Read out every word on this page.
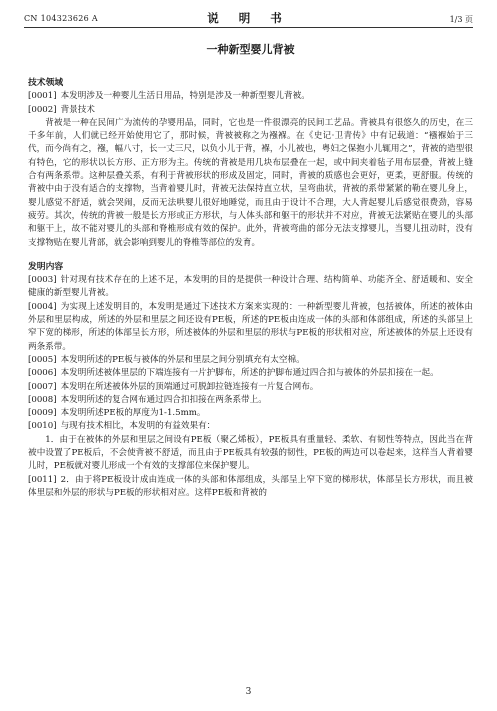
CN 104323626 A	说 明 书	1/3 页
一种新型婴儿背被
技术领域

[0001] 本发明涉及一种婴儿生活日用品，特别是涉及一种新型婴儿背被。

[0002] 背景技术

背被是一种在民间广为流传的孕婴用品，同时，它也是一件很漂亮的民间工艺品。背被具有很悠久的历史，在三千多年前，人们就已经开始使用它了，那时候，背被被称之为襁褓。在《史记·卫青传》中有记载道：“襁褓始于三代，而今尚有之，襁，幅八寸，长一丈三尺，以负小儿于背，褓，小儿被也，粤妇之保抱小儿辄用之”，背被的造型很有特色，它的形状以长方形、正方形为主。传统的背被是用几块布层叠在一起，或中间夹着毡子用布层叠，背被上缝合有两条系带。这种层叠关系，有利于背被形状的形成及固定，同时，背被的质感也会更好，更柔，更舒服。传统的背被中由于没有适合的支撑物，当背着婴儿时，背被无法保持直立状，呈弯曲状，背被的系带紧紧的勒在婴儿身上，婴儿感觉不舒适，就会哭闹，反而无法哄婴儿很好地睡觉，而且由于设计不合理，大人背起婴儿后感觉很费劲，容易疲劳。其次，传统的背被一般是长方形或正方形状，与人体头部和躯干的形状并不对应，背被无法紧贴在婴儿的头部和躯干上，故不能对婴儿的头部和脊椎形成有效的保护。此外，背被弯曲的部分无法支撑婴儿，当婴儿扭动时，没有支撑物贴在婴儿背部，就会影响到婴儿的脊椎等部位的发育。

发明内容

[0003] 针对现有技术存在的上述不足，本发明的目的是提供一种设计合理、结构简单、功能齐全、舒适暖和、安全健康的新型婴儿背被。

[0004] 为实现上述发明目的，本发明是通过下述技术方案来实现的：一种新型婴儿背被，包括被体，所述的被体由外层和里层构成，所述的外层和里层之间还设有PE板，所述的PE板由连成一体的头部和体部组成，所述的头部呈上窄下宽的梯形，所述的体部呈长方形，所述被体的外层和里层的形状与PE板的形状相对应，所述被体的外层上还设有两条系带。

[0005] 本发明所述的PE板与被体的外层和里层之间分别填充有太空棉。

[0006] 本发明所述被体里层的下端连接有一片护脚布，所述的护脚布通过四合扣与被体的外层扣接在一起。

[0007] 本发明在所述被体外层的顶端通过可脱卸拉链连接有一片复合网布。

[0008] 本发明所述的复合网布通过四合扣扣接在两条系带上。

[0009] 本发明所述PE板的厚度为1-1.5mm。

[0010] 与现有技术相比，本发明的有益效果有：

1．由于在被体的外层和里层之间设有PE板（聚乙烯板），PE板具有重量轻、柔软、有韧性等特点，因此当在背被中设置了PE板后，不会使背被不舒适，而且由于PE板具有较强的韧性，PE板的两边可以卷起来，这样当人背着婴儿时，PE板就对婴儿形成一个有效的支撑部位来保护婴儿。

[0011] 2．由于将PE板设计成由连成一体的头部和体部组成，头部呈上窄下宽的梯形状，体部呈长方形状，而且被体里层和外层的形状与PE板的形状相对应。这样PE板和背被的

3
